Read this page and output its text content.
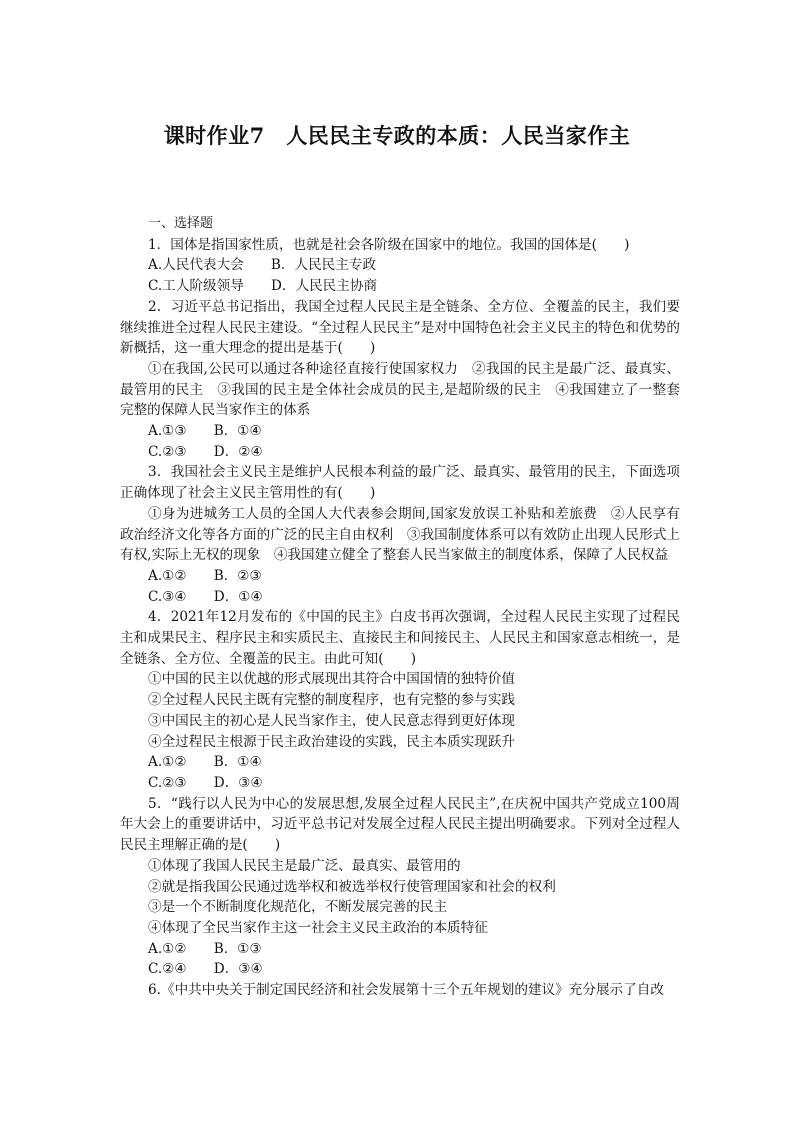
课时作业7　人民民主专政的本质：人民当家作主

一、选择题

1．国体是指国家性质，也就是社会各阶级在国家中的地位。我国的国体是(　　)

A.人民代表大会　　B．人民民主专政

C.工人阶级领导　　D．人民民主协商

2．习近平总书记指出，我国全过程人民民主是全链条、全方位、全覆盖的民主，我们要继续推进全过程人民民主建设。“全过程人民民主”是对中国特色社会主义民主的特色和优势的新概括，这一重大理念的提出是基于(　　)

①在我国,公民可以通过各种途径直接行使国家权力　②我国的民主是最广泛、最真实、最管用的民主　③我国的民主是全体社会成员的民主,是超阶级的民主　④我国建立了一整套完整的保障人民当家作主的体系

A.①③　　B．①④

C.②③　　D．②④

3．我国社会主义民主是维护人民根本利益的最广泛、最真实、最管用的民主，下面选项正确体现了社会主义民主管用性的有(　　)

①身为进城务工人员的全国人大代表参会期间,国家发放误工补贴和差旅费　②人民享有政治经济文化等各方面的广泛的民主自由权利　③我国制度体系可以有效防止出现人民形式上有权,实际上无权的现象　④我国建立健全了整套人民当家做主的制度体系，保障了人民权益

A.①②　　B．②③

C.③④　　D．①④

4．2021年12月发布的《中国的民主》白皮书再次强调，全过程人民民主实现了过程民主和成果民主、程序民主和实质民主、直接民主和间接民主、人民民主和国家意志相统一，是全链条、全方位、全覆盖的民主。由此可知(　　)

①中国的民主以优越的形式展现出其符合中国国情的独特价值

②全过程人民民主既有完整的制度程序，也有完整的参与实践

③中国民主的初心是人民当家作主，使人民意志得到更好体现

④全过程民主根源于民主政治建设的实践，民主本质实现跃升

A.①②　　B．①④

C.②③　　D．③④

5．“践行以人民为中心的发展思想,发展全过程人民民主”,在庆祝中国共产党成立100周年大会上的重要讲话中，习近平总书记对发展全过程人民民主提出明确要求。下列对全过程人民民主理解正确的是(　　)

①体现了我国人民民主是最广泛、最真实、最管用的

②就是指我国公民通过选举权和被选举权行使管理国家和社会的权利

③是一个不断制度化规范化，不断发展完善的民主

④体现了全民当家作主这一社会主义民主政治的本质特征

A.①②　　B．①③

C.②④　　D．③④

6.《中共中央关于制定国民经济和社会发展第十三个五年规划的建议》充分展示了自改
